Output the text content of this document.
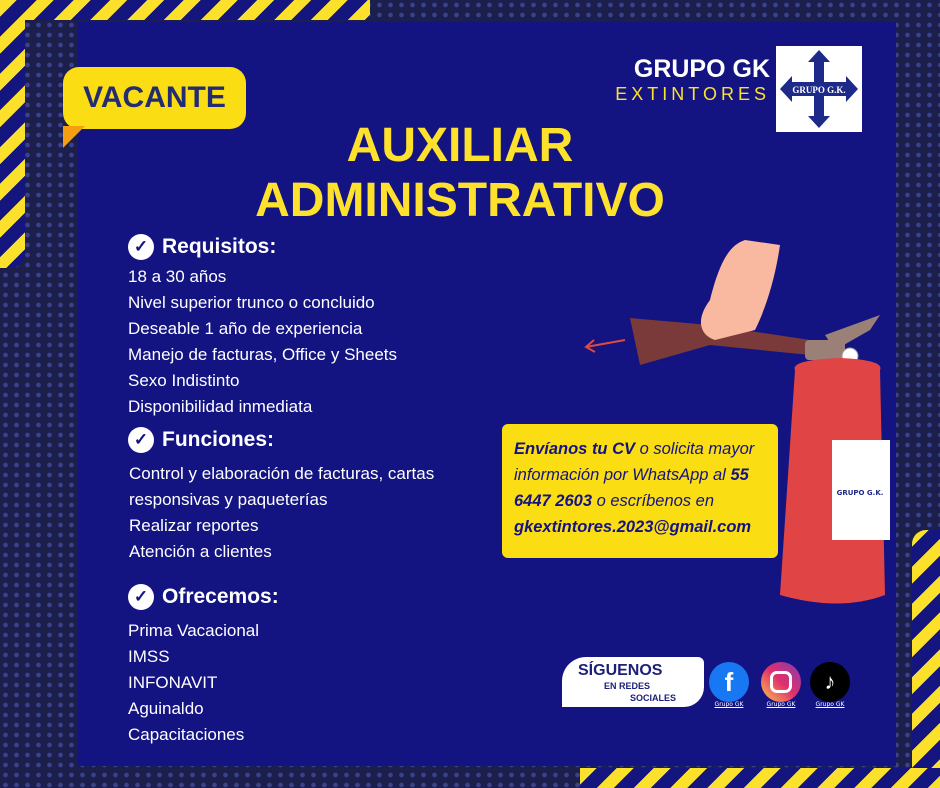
VACANTE
AUXILIAR
ADMINISTRATIVO
GRUPO GK
EXTINTORES GRUPO G.K.
✓ Requisitos:
18 a 30 años
Nivel superior trunco o concluido
Deseable 1 año de experiencia
Manejo de facturas, Office y Sheets
Sexo Indistinto
Disponibilidad inmediata
✓ Funciones:
Control y elaboración de facturas, cartas
responsivas y paqueterías
Realizar reportes
Atención a clientes
✓ Ofrecemos:
Prima Vacacional
IMSS
INFONAVIT
Aguinaldo
Capacitaciones
GRUPO G.K.
Envíanos tu CV o solicita mayor información por WhatsApp al 55 6447 2603 o escríbenos en gkextintores.2023@gmail.com
SÍGUENOS
EN REDES
SOCIALES
f	♪
Grupo GK	Grupo GK	Grupo GK
